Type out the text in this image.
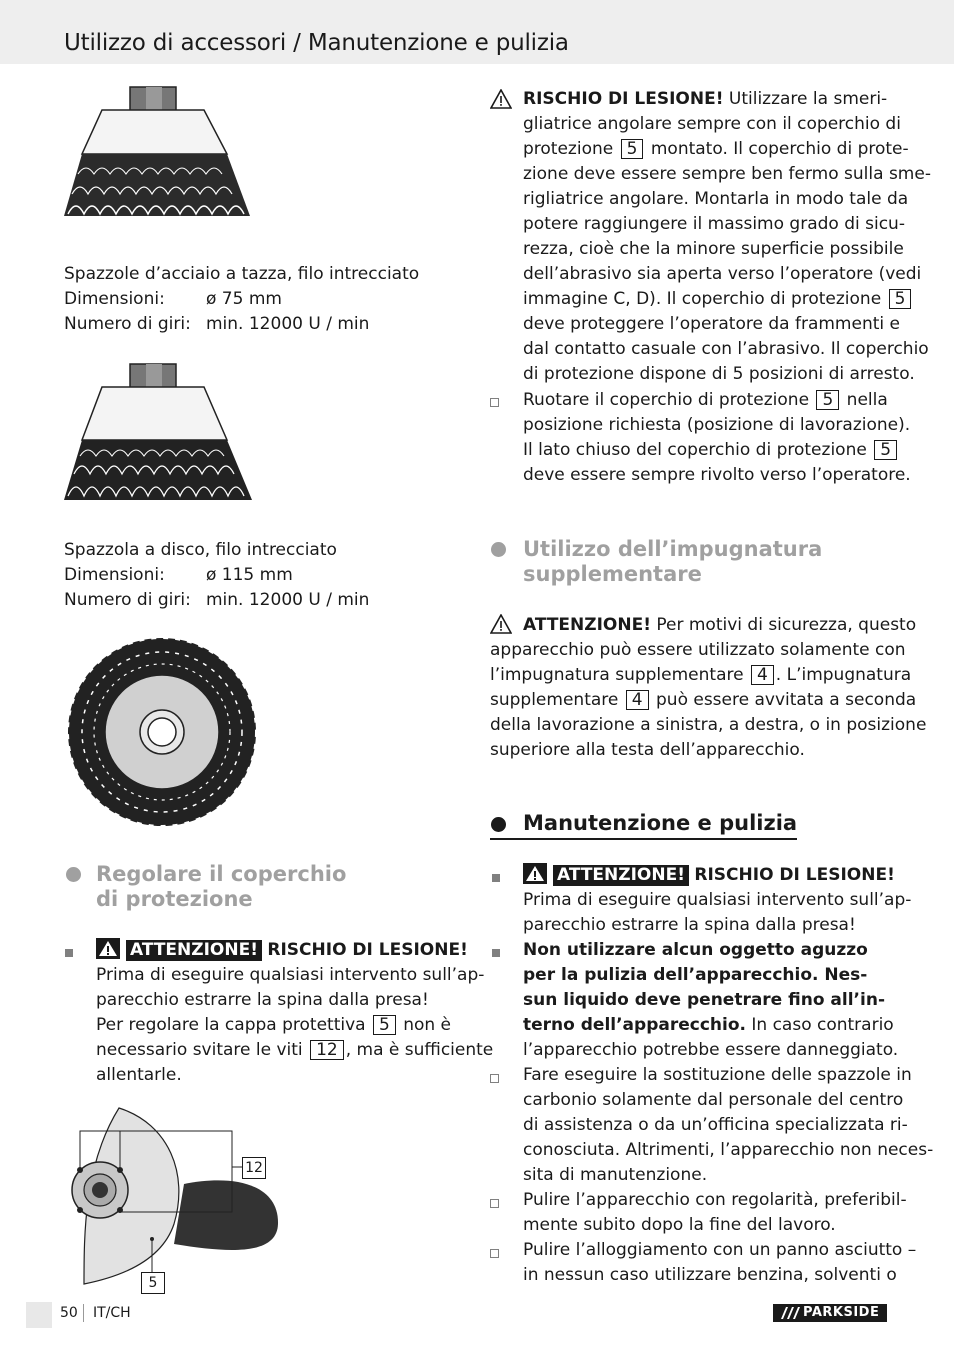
Utilizzo di accessori / Manutenzione e pulizia
Spazzole d’acciaio a tazza, filo intrecciato
Dimensioni: ø 75 mm
Numero di giri: min. 12000 U / min
Spazzola a disco, filo intrecciato
Dimensioni: ø 115 mm
Numero di giri: min. 12000 U / min
Regolare il coperchio
di protezione
ATTENZIONE! RISCHIO DI LESIONE!
Prima di eseguire qualsiasi intervento sull’ap-
parecchio estrarre la spina dalla presa!
Per regolare la cappa protettiva 5 non è
necessario svitare le viti 12 , ma è sufficiente
allentarle.
12
5
RISCHIO DI LESIONE! Utilizzare la smeri-
gliatrice angolare sempre con il coperchio di
protezione 5 montato. Il coperchio di prote-
zione deve essere sempre ben fermo sulla sme-
rigliatrice angolare. Montarla in modo tale da
potere raggiungere il massimo grado di sicu-
rezza, cioè che la minore superficie possibile
dell’abrasivo sia aperta verso l’operatore (vedi
immagine C, D). Il coperchio di protezione 5
deve proteggere l’operatore da frammenti e
dal contatto casuale con l’abrasivo. Il coperchio
di protezione dispone di 5 posizioni di arresto.
Ruotare il coperchio di protezione 5 nella
posizione richiesta (posizione di lavorazione).
Il lato chiuso del coperchio di protezione 5
deve essere sempre rivolto verso l’operatore.
Utilizzo dell’impugnatura
supplementare
ATTENZIONE! Per motivi di sicurezza, questo
apparecchio può essere utilizzato solamente con
l’impugnatura supplementare 4 . L’impugnatura
supplementare 4 può essere avvitata a seconda
della lavorazione a sinistra, a destra, o in posizione
superiore alla testa dell’apparecchio.
Manutenzione e pulizia
ATTENZIONE! RISCHIO DI LESIONE!
Prima di eseguire qualsiasi intervento sull’ap-
parecchio estrarre la spina dalla presa!
Non utilizzare alcun oggetto aguzzo
per la pulizia dell’apparecchio. Nes-
sun liquido deve penetrare fino all’in-
terno dell’apparecchio. In caso contrario
l’apparecchio potrebbe essere danneggiato.
Fare eseguire la sostituzione delle spazzole in
carbonio solamente dal personale del centro
di assistenza o da un’officina specializzata ri-
conosciuta. Altrimenti, l’apparecchio non neces-
sita di manutenzione.
Pulire l’apparecchio con regolarità, preferibil-
mente subito dopo la fine del lavoro.
Pulire l’alloggiamento con un panno asciutto –
in nessun caso utilizzare benzina, solventi o
50 IT/CH	PARKSIDE
